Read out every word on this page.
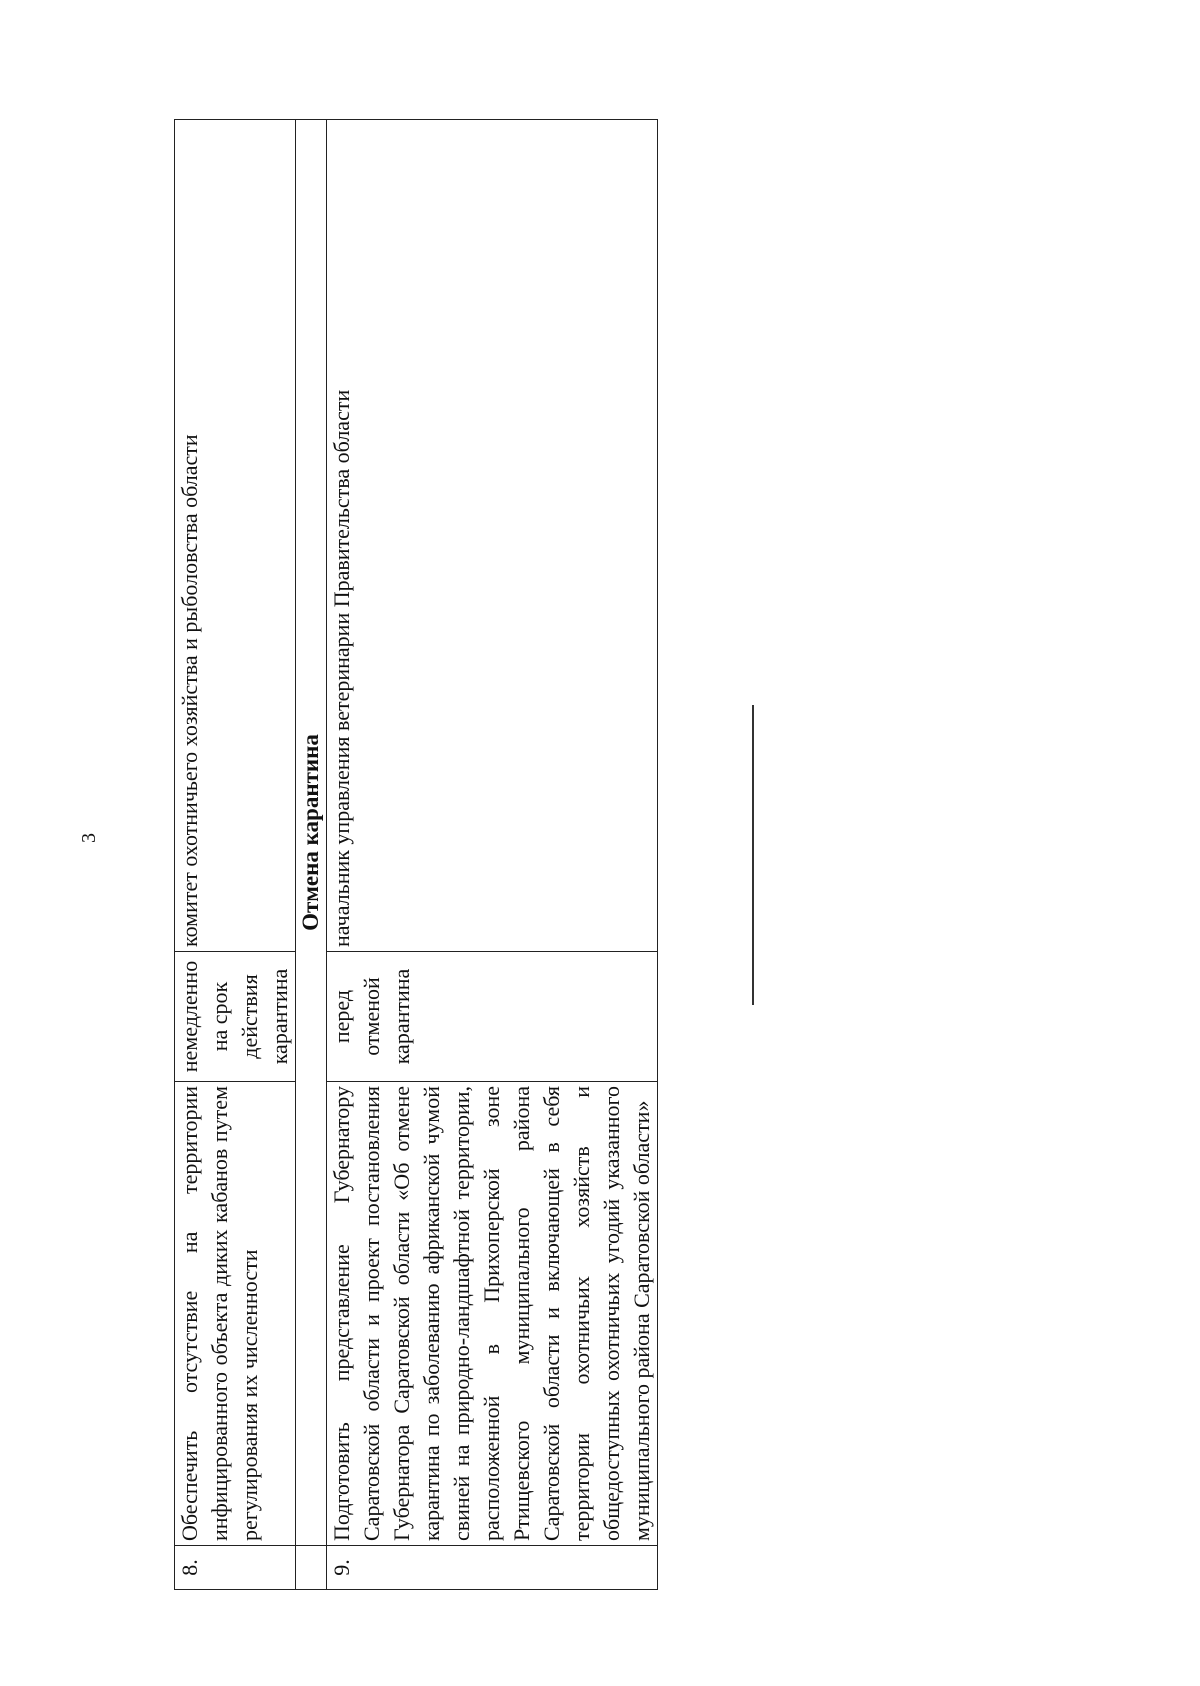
3
8.	Обеспечить отсутствие на территории инфицированного объекта диких кабанов путем регулирования их численности	немедленно на срок действия карантина	комитет охотничьего хозяйства и рыболовства области
	Отмена карантина		
9.	Подготовить представление Губернатору Саратовской области и проект постановления Губернатора Саратовской области «Об отмене карантина по заболеванию африканской чумой свиней на природно-ландшафтной территории, расположенной в Прихоперской зоне Ртищевского муниципального района Саратовской области и включающей в себя территории охотничьих хозяйств и общедоступных охотничьих угодий указанного муниципального района Саратовской области»	перед отменой карантина	начальник управления ветеринарии Правительства области
